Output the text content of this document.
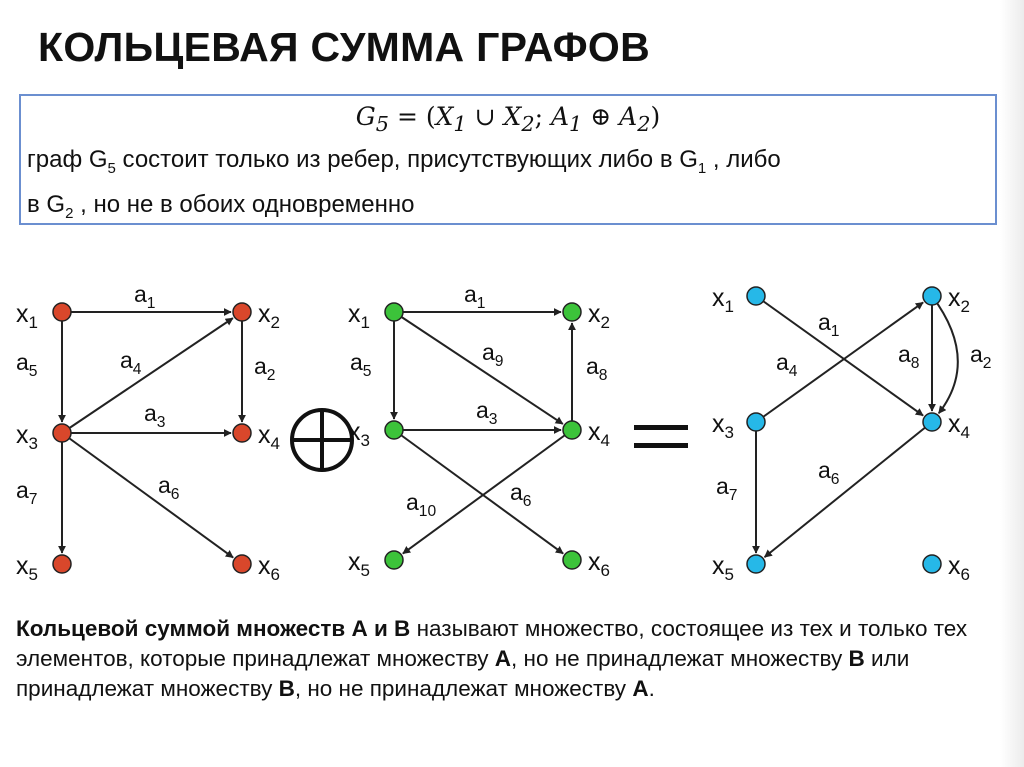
КОЛЬЦЕВАЯ СУММА ГРАФОВ
$G_5 = (X_1$ ∪ $X_2$; $A_1$ ⊕ $A_2$)
граф $G_5$ состоит только из ребер, присутствующих либо в $G_1$ , либо
в $G_2$ , но не в обоих одновременно
$a_1$
$a_2$
$a_3$
$a_4$
$a_5$
$a_6$
$a_7$
$x_1$	$x_2$
$x_3$	$x_4$
$x_5$	$x_6$
$a_1$
$a_3$
$a_5$
$a_6$
$a_8$
$a_9$
$a_{10}$
$x_1$	$x_2$
$x_3$	$x_4$
$x_5$	$x_6$
$a_1$
$a_2$
$a_4$
$a_6$
$a_7$
$a_8$
$x_1$	$x_2$
$x_3$	$x_4$
$x_5$	$x_6$
Кольцевой суммой множеств А и В называют множество, состоящее из тех и только тех элементов, которые принадлежат множеству А, но не принадлежат множеству В или принадлежат множеству В, но не принадлежат множеству А.
